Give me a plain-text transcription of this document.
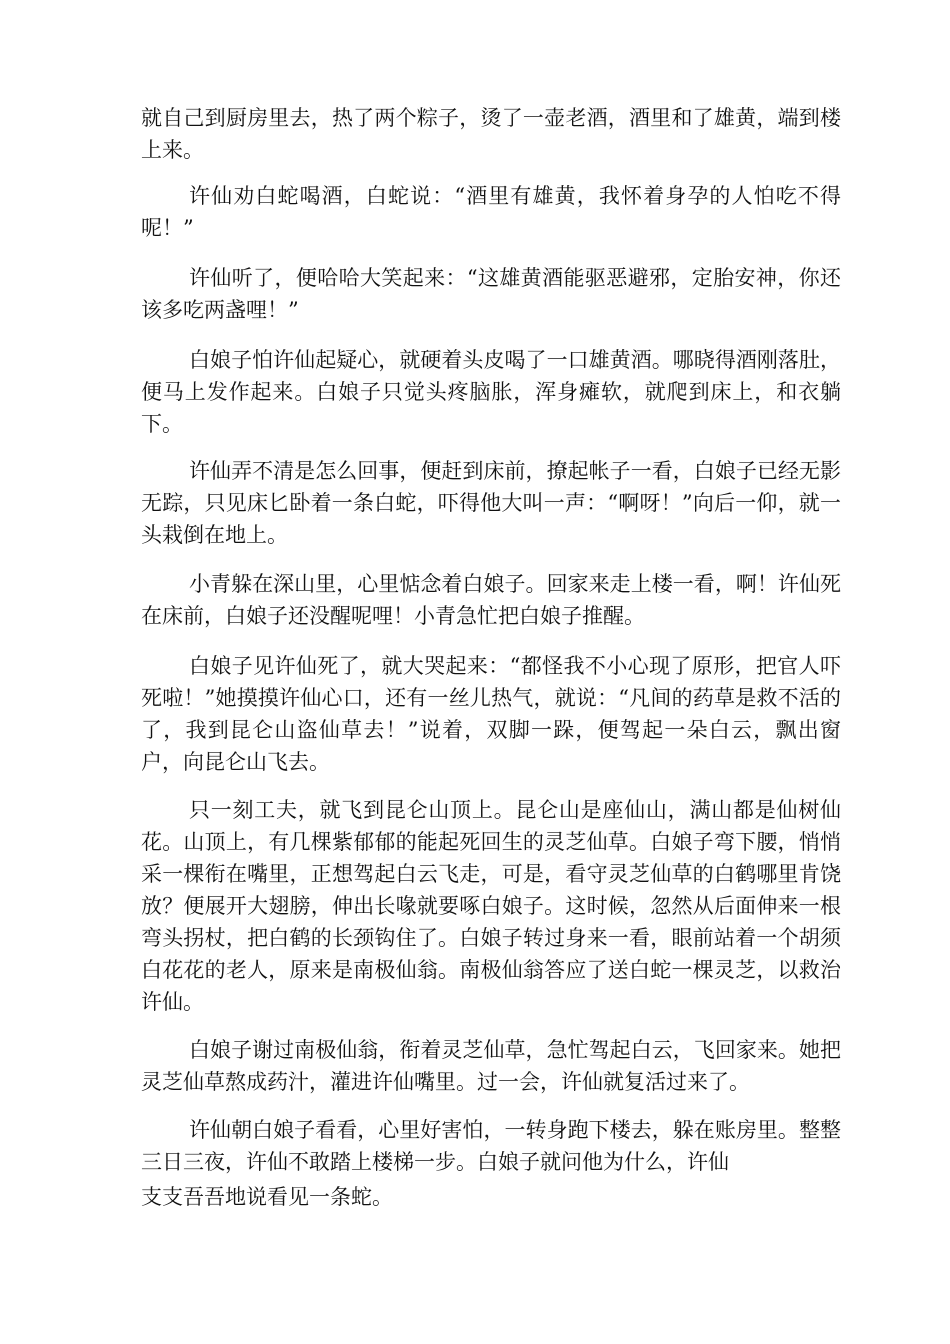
就自己到厨房里去，热了两个粽子，烫了一壶老酒，酒里和了雄黄，端到楼上来。

许仙劝白蛇喝酒，白蛇说：“酒里有雄黄，我怀着身孕的人怕吃不得呢！”

许仙听了，便哈哈大笑起来：“这雄黄酒能驱恶避邪，定胎安神，你还该多吃两盏哩！”

白娘子怕许仙起疑心，就硬着头皮喝了一口雄黄酒。哪晓得酒刚落肚，便马上发作起来。白娘子只觉头疼脑胀，浑身瘫软，就爬到床上，和衣躺下。

许仙弄不清是怎么回事，便赶到床前，撩起帐子一看，白娘子已经无影无踪，只见床匕卧着一条白蛇，吓得他大叫一声：“啊呀！”向后一仰，就一头栽倒在地上。

小青躲在深山里，心里惦念着白娘子。回家来走上楼一看，啊！许仙死在床前，白娘子还没醒呢哩！小青急忙把白娘子推醒。

白娘子见许仙死了，就大哭起来：“都怪我不小心现了原形，把官人吓死啦！”她摸摸许仙心口，还有一丝儿热气，就说：“凡间的药草是救不活的了，我到昆仑山盗仙草去！”说着，双脚一跺，便驾起一朵白云，飘出窗户，向昆仑山飞去。

只一刻工夫，就飞到昆仑山顶上。昆仑山是座仙山，满山都是仙树仙花。山顶上，有几棵紫郁郁的能起死回生的灵芝仙草。白娘子弯下腰，悄悄采一棵衔在嘴里，正想驾起白云飞走，可是，看守灵芝仙草的白鹤哪里肯饶放？便展开大翅膀，伸出长喙就要啄白娘子。这时候，忽然从后面伸来一根弯头拐杖，把白鹤的长颈钩住了。白娘子转过身来一看，眼前站着一个胡须白花花的老人，原来是南极仙翁。南极仙翁答应了送白蛇一棵灵芝，以救治许仙。

白娘子谢过南极仙翁，衔着灵芝仙草，急忙驾起白云，飞回家来。她把灵芝仙草熬成药汁，灌进许仙嘴里。过一会，许仙就复活过来了。

许仙朝白娘子看看，心里好害怕，一转身跑下楼去，躲在账房里。整整三日三夜，许仙不敢踏上楼梯一步。白娘子就问他为什么，许仙

支支吾吾地说看见一条蛇。
